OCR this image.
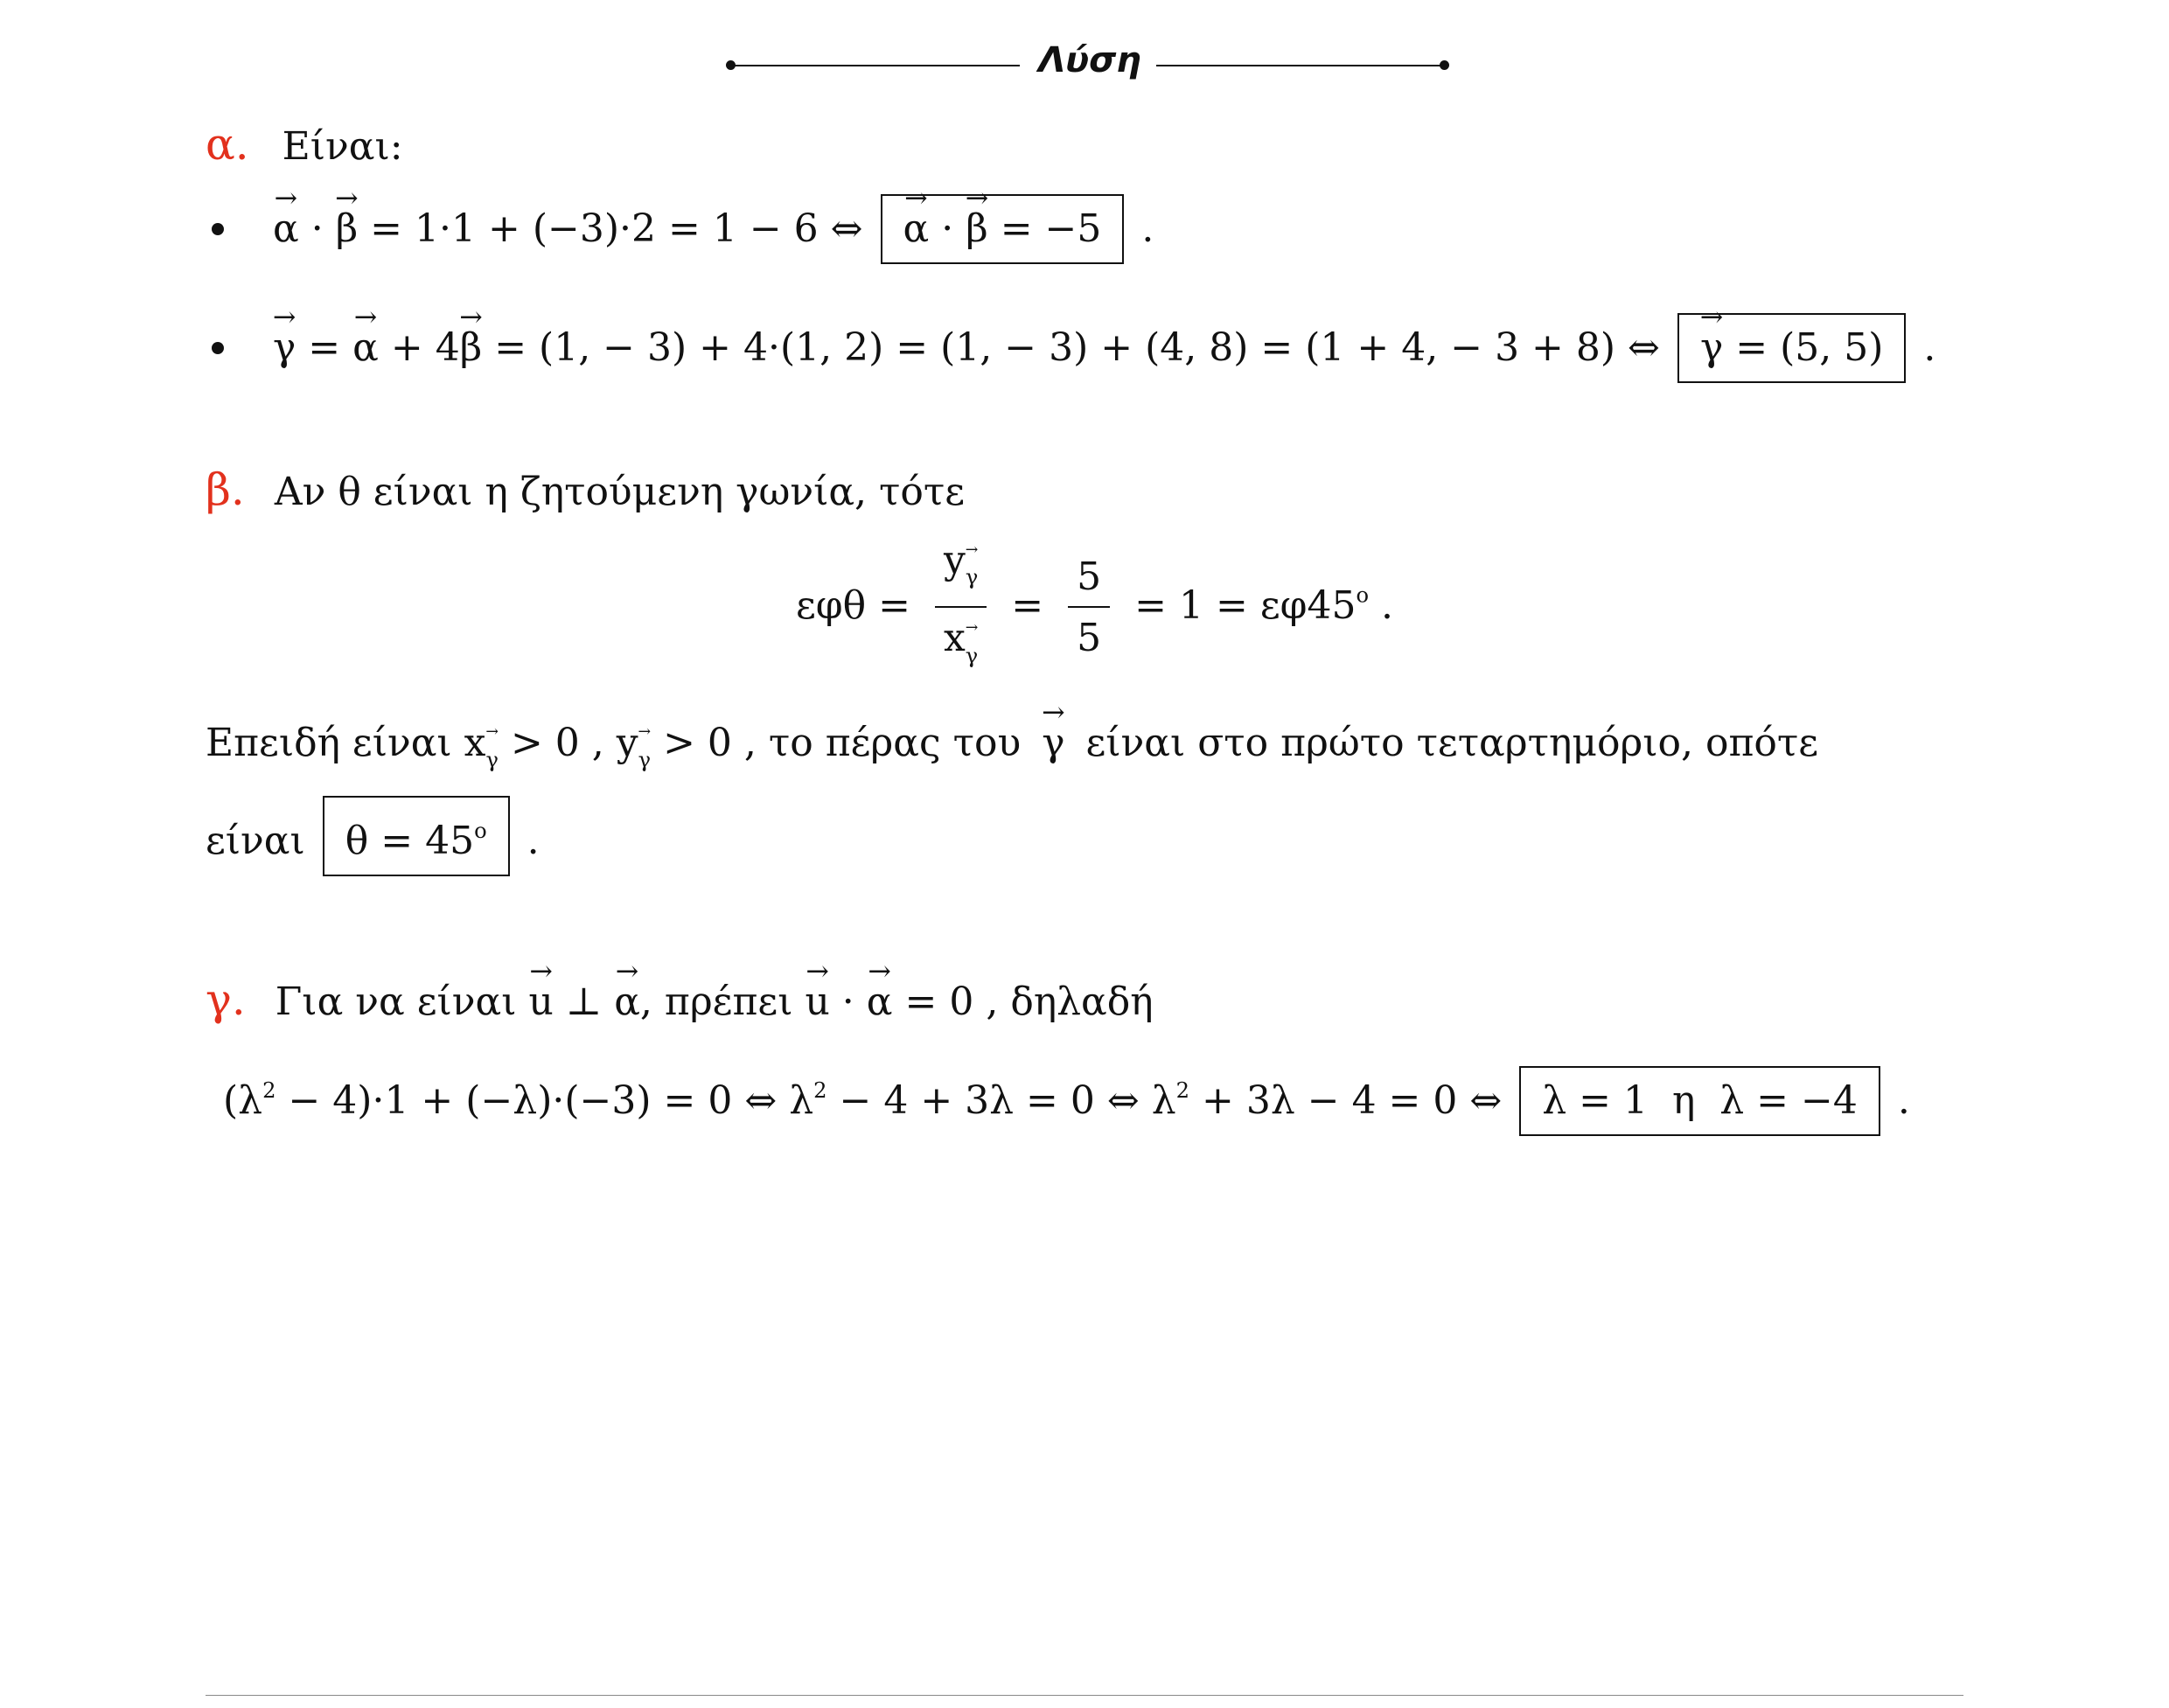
Λύση
α. Είναι:
→ α · → β = 1·1 + (−3)·2 = 1 − 6 ⇔ → α · → β = −5 .
→ γ = → α + 4→ β = (1, − 3) + 4·(1, 2) = (1, − 3) + (4, 8) = (1 + 4, − 3 + 8) ⇔ → γ = (5, 5) .
β. Αν θ είναι η ζητούμενη γωνία, τότε
$\varepsilon\varphi\theta = \frac{y\to \gamma}{x\to \gamma} = \frac{5}{5} = 1 = \varepsilon\varphi 45^o$ .
Επειδή είναι x→ γ > 0 , y→ γ > 0 , το πέρας του → γ είναι στο πρώτο τεταρτημόριο, οπότε
είναι $\theta = 45^o$ .
γ. Για να είναι → u ⊥ → α, πρέπει → u · → α = 0 , δηλαδή
$(\lambda^2 - 4)\cdot 1 + (-\lambda)\cdot(-3) = 0$ ⇔ $\lambda^2 - 4 + 3\lambda = 0$ ⇔ $\lambda^2 + 3\lambda - 4 = 0$ ⇔ λ = 1  η  λ = −4 .
